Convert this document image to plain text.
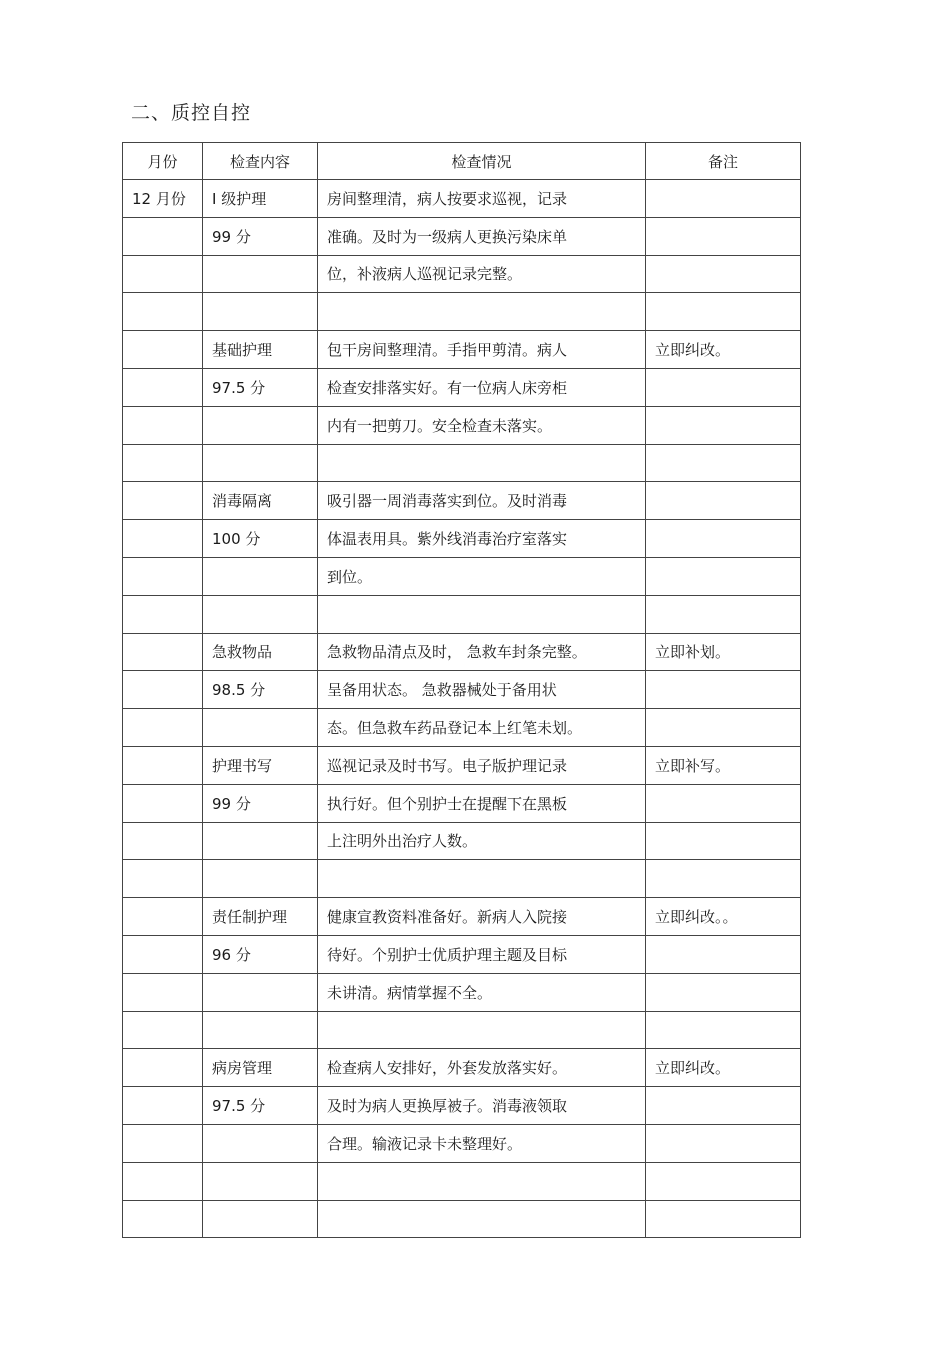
二、质控自控
月份	检查内容	检查情况	备注
12 月份	Ⅰ 级护理	房间整理清，病人按要求巡视，记录	
	99 分	准确。及时为一级病人更换污染床单	
		位，补液病人巡视记录完整。	

	基础护理	包干房间整理清。手指甲剪清。病人	立即纠改。
	97.5 分	检查安排落实好。有一位病人床旁柜	
		内有一把剪刀。安全检查未落实。	

	消毒隔离	吸引器一周消毒落实到位。及时消毒	
	100 分	体温表用具。紫外线消毒治疗室落实	
		到位。	

	急救物品	急救物品清点及时， 急救车封条完整。	立即补划。
	98.5 分	呈备用状态。 急救器械处于备用状	
		态。但急救车药品登记本上红笔未划。	
	护理书写	巡视记录及时书写。电子版护理记录	立即补写。
	99 分	执行好。但个别护士在提醒下在黑板	
		上注明外出治疗人数。	

	责任制护理	健康宣教资料准备好。新病人入院接	立即纠改。。
	96 分	待好。个别护士优质护理主题及目标	
		未讲清。病情掌握不全。	

	病房管理	检查病人安排好，外套发放落实好。	立即纠改。
	97.5 分	及时为病人更换厚被子。消毒液领取	
		合理。输液记录卡未整理好。	
